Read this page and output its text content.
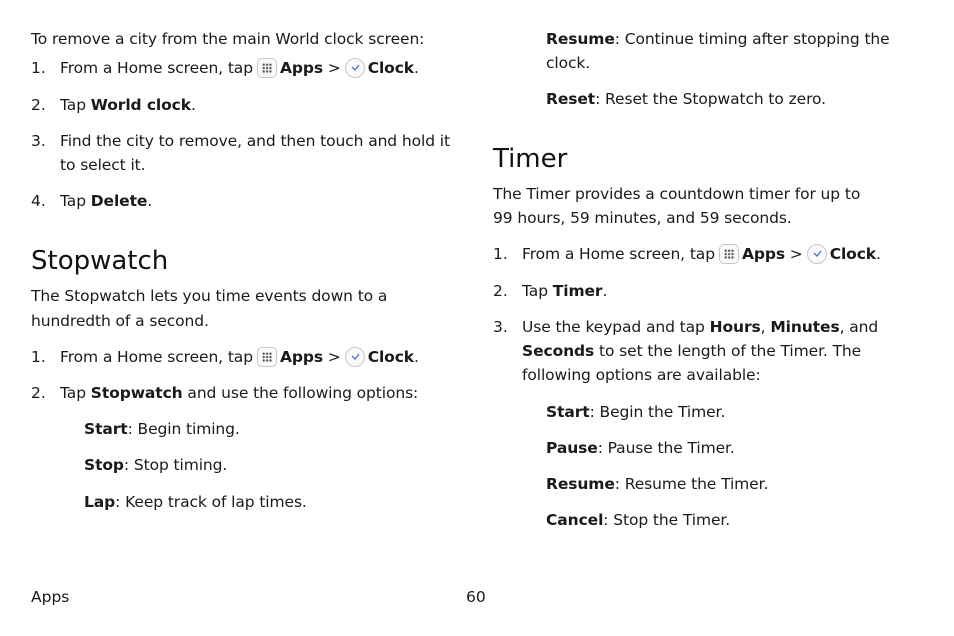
To remove a city from the main World clock screen:
1. From a Home screen, tap Apps > Clock.
2. Tap World clock.
3. Find the city to remove, and then touch and hold it
to select it.
4. Tap Delete.
Stopwatch
The Stopwatch lets you time events down to a
hundredth of a second.
1. From a Home screen, tap Apps > Clock.
2. Tap Stopwatch and use the following options:
Start: Begin timing.
Stop: Stop timing.
Lap: Keep track of lap times.
Resume: Continue timing after stopping the
clock.
Reset: Reset the Stopwatch to zero.
Timer
The Timer provides a countdown timer for up to
99 hours, 59 minutes, and 59 seconds.
1. From a Home screen, tap Apps > Clock.
2. Tap Timer.
3. Use the keypad and tap Hours, Minutes, and
Seconds to set the length of the Timer. The
following options are available:
Start: Begin the Timer.
Pause: Pause the Timer.
Resume: Resume the Timer.
Cancel: Stop the Timer.
Apps	60
